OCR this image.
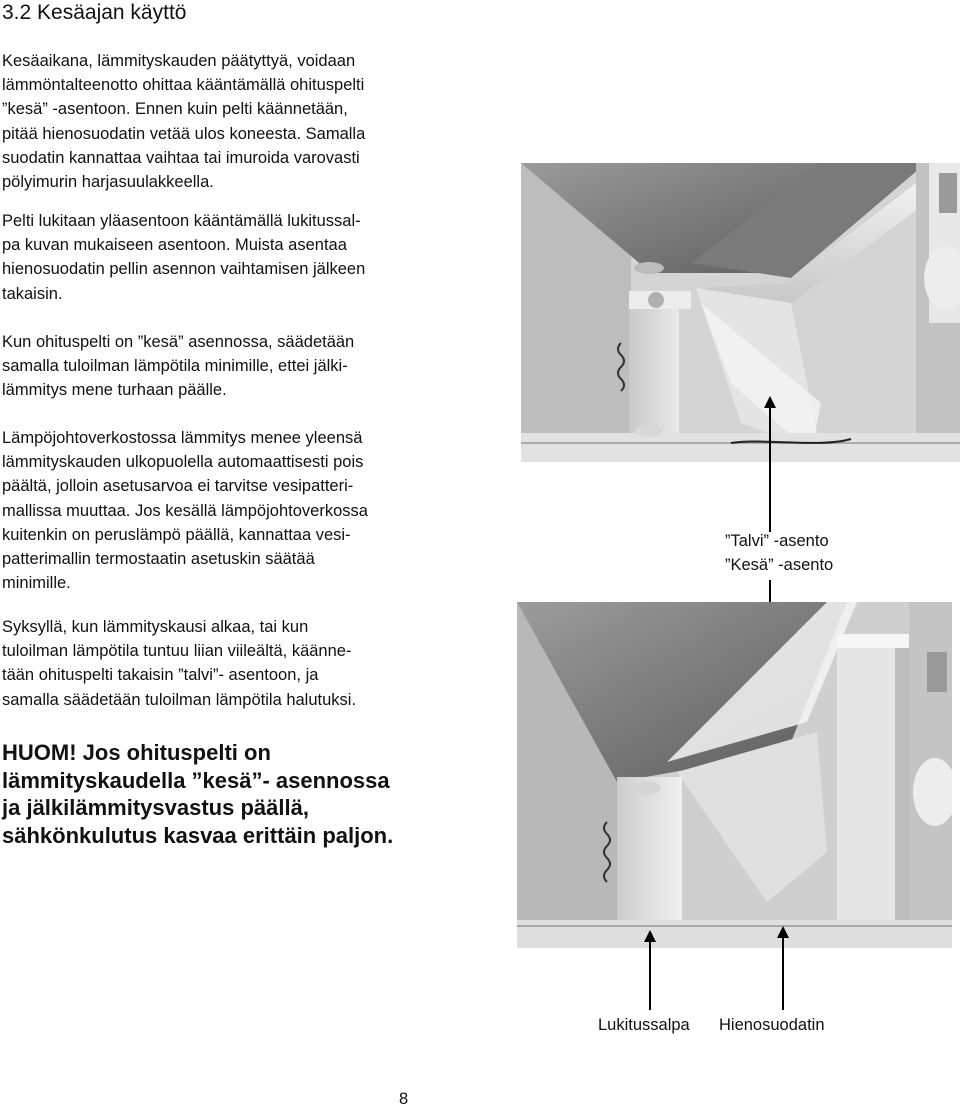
3.2 Kesäajan käyttö
Kesäaikana, lämmityskauden päätyttyä, voidaan
lämmöntalteenotto ohittaa kääntämällä ohituspelti
”kesä” -asentoon. Ennen kuin pelti käännetään,
pitää hienosuodatin vetää ulos koneesta. Samalla
suodatin kannattaa vaihtaa tai imuroida varovasti
pölyimurin harjasuulakkeella.
Pelti lukitaan yläasentoon kääntämällä lukitussal-
pa kuvan mukaiseen asentoon. Muista asentaa
hienosuodatin pellin asennon vaihtamisen jälkeen
takaisin.
Kun ohituspelti on ”kesä” asennossa, säädetään
samalla tuloilman lämpötila minimille, ettei jälki-
lämmitys mene turhaan päälle.
Lämpöjohtoverkostossa lämmitys menee yleensä
lämmityskauden ulkopuolella automaattisesti pois
päältä, jolloin asetusarvoa ei tarvitse vesipatteri-
mallissa muuttaa. Jos kesällä lämpöjohtoverkossa
kuitenkin on peruslämpö päällä, kannattaa vesi-
patterimallin termostaatin asetuskin säätää
minimille.
Syksyllä, kun lämmityskausi alkaa, tai kun
tuloilman lämpötila tuntuu liian viileältä, käänne-
tään ohituspelti takaisin ”talvi”- asentoon, ja
samalla säädetään tuloilman lämpötila halutuksi.
HUOM! Jos ohituspelti on
lämmityskaudella ”kesä”- asennossa
ja jälkilämmitysvastus päällä,
sähkönkulutus kasvaa erittäin paljon.
”Talvi” -asento
”Kesä” -asento
Lukitussalpa Hienosuodatin
8
